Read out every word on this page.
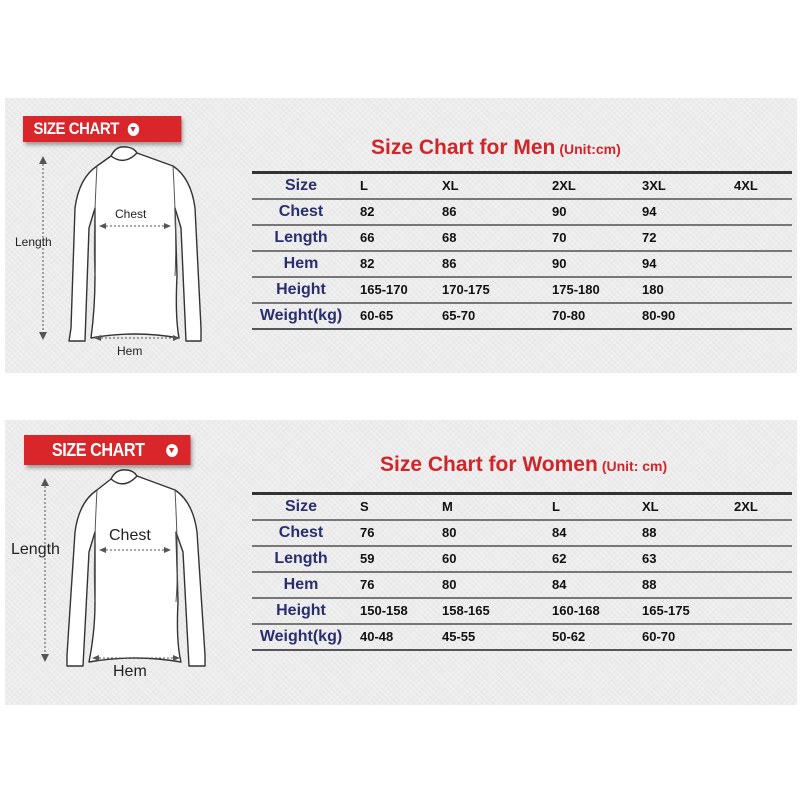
SIZE CHART
Length
Chest
Hem
Size Chart for Men (Unit:cm)
Size	L	XL	2XL	3XL	4XL
Chest	82	86	90	94	
Length	66	68	70	72	
Hem	82	86	90	94	
Height	165-170	170-175	175-180	180	
Weight(kg)	60-65	65-70	70-80	80-90	
SIZE CHART
Length
Chest
Hem
Size Chart for Women (Unit: cm)
Size	S	M	L	XL	2XL
Chest	76	80	84	88	
Length	59	60	62	63	
Hem	76	80	84	88	
Height	150-158	158-165	160-168	165-175	
Weight(kg)	40-48	45-55	50-62	60-70	
